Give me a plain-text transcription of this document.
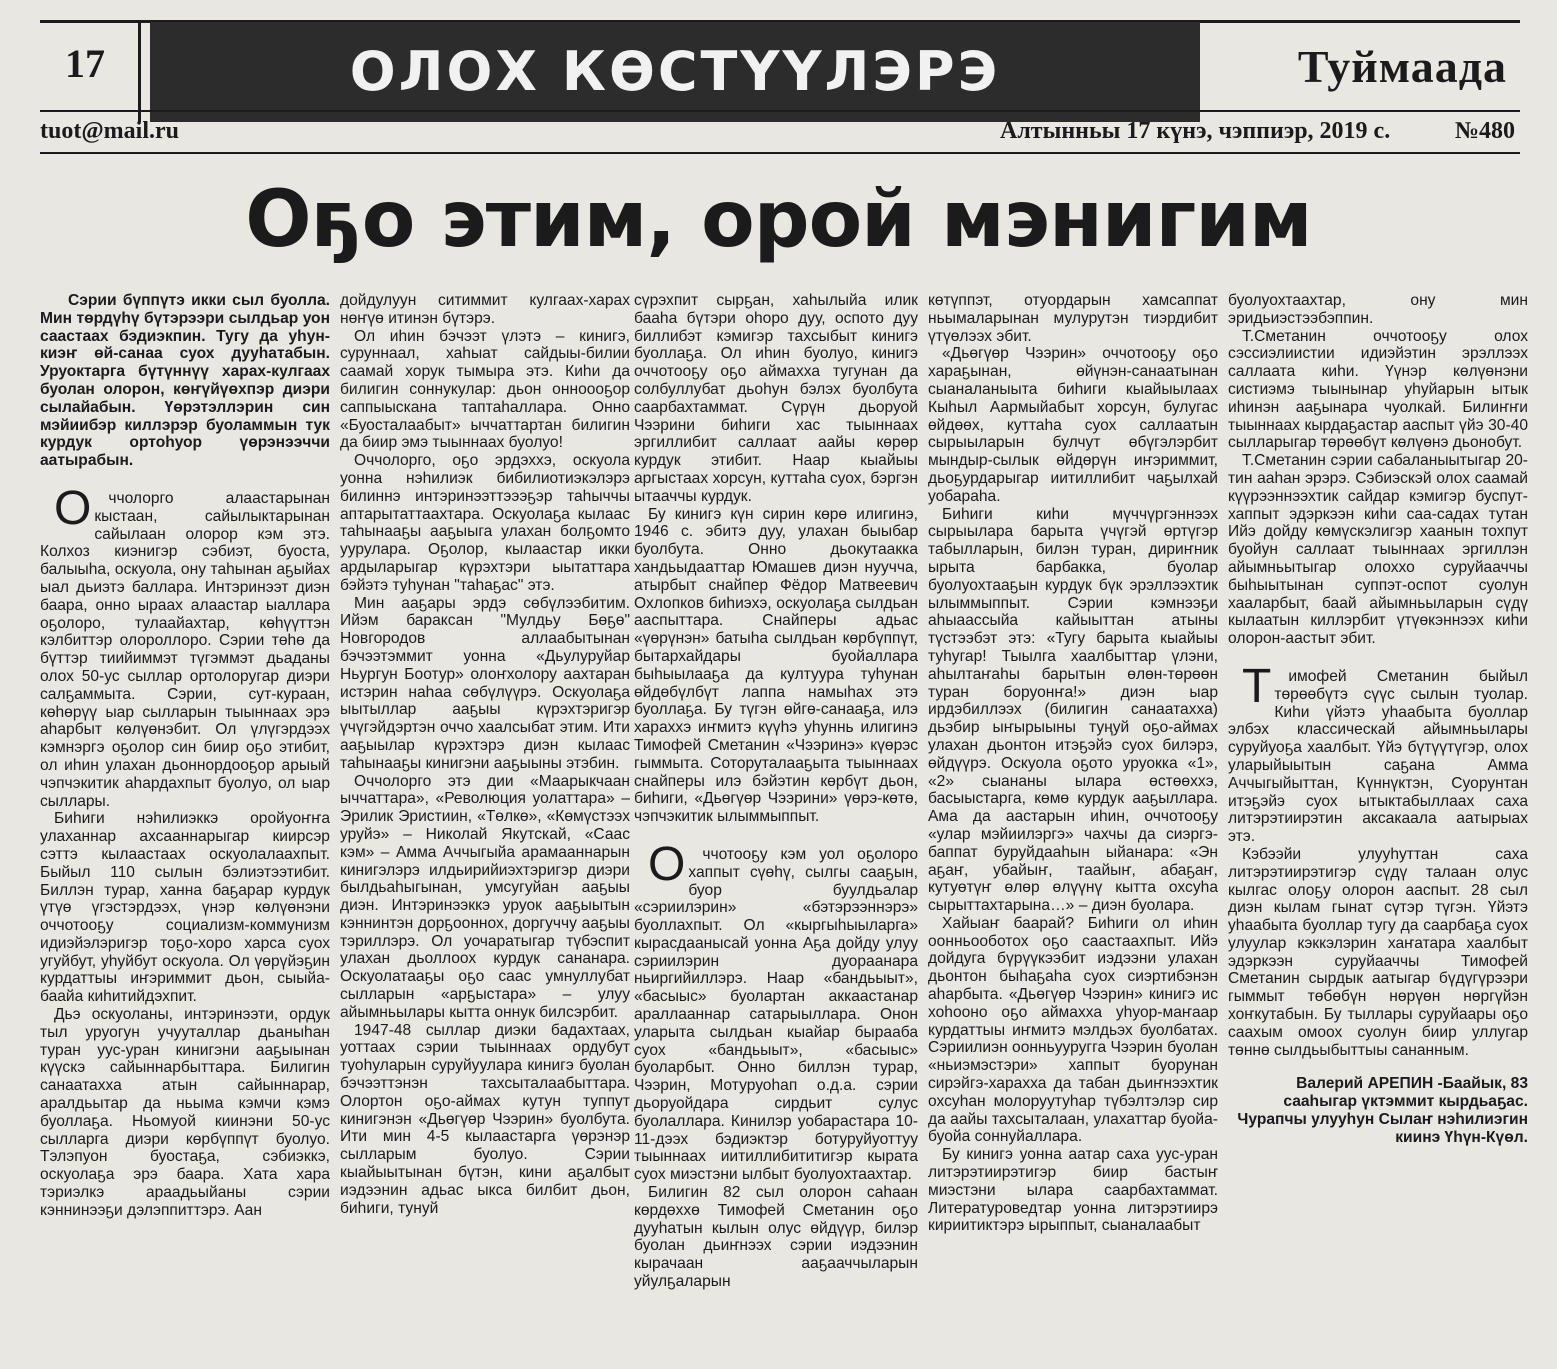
17	ОЛОХ КӨСТҮҮЛЭРЭ	Туймаада
tuot@mail.ru	Алтынньы 17 күнэ, чэппиэр, 2019 с.	№480
Оҕо этим, орой мэнигим

Сэрии бүппүтэ икки сыл буолла. Мин төрдүһү бүтэрээри сылдьар уон саастаах бэдиэкпин. Тугу да уһун-киэҥ өй-санаа суох дууһатабын. Уруоктарга бүтүннүү харах-кулгаах буолан олорон, көҥүйүөхпэр диэри сылайабын. Үөрэтэллэрин син мэйиибэр киллэрэр буоламмын тук курдук ортоһуор үөрэнээччи аатырабын.

Оччолорго алаастарынан кыстаан, сайылыктарынан сайылаан олорор кэм этэ. Колхоз киэнигэр сэбиэт, буоста, балыыһа, оскуола, ону таһынан аҕыйах ыал дьиэтэ баллара. Интэринээт диэн баара, онно ыраах алаастар ыаллара оҕолоро, тулаайахтар, көһүүттэн кэлбиттэр олороллоро. Сэрии төһө да бүттэр тиийиммэт түгэммэт дьаданы олох 50-ус сыллар ортолоругар диэри салҕаммыта. Сэрии, сут-кураан, көһөрүү ыар сылларын тыыннаах эрэ аһарбыт көлүөнэбит. Ол үлүгэрдээх кэмнэргэ оҕолор син биир оҕо этибит, ол иһин улахан дьоннордооҕор арыый чэпчэкитик аһардахпыт буолуо, ол ыар сыллары.

Биһиги нэһилиэккэ оройуоҥҥа улаханнар ахсааннарыгар киирсэр сэттэ кылаастаах оскуолалаахпыт. Быйыл 110 сылын бэлиэтээтибит. Биллэн турар, ханна баҕарар курдук үтүө үгэстэрдээх, үнэр көлүөнэни оччотооҕу социализм-коммунизм идиэйэлэригэр тоҕо-хоро харса суох угуйбут, уһуйбут оскуола. Ол үөрүйэҕин курдаттыы иҥэриммит дьон, сыыйа-баайа киһитийдэхпит.

Дьэ оскуоланы, интэринээти, ордук тыл уруогун учууталлар дьаныһан туран уус-уран кинигэни ааҕыынан күүскэ сайыннарбыттара. Билигин санаатахха атын сайыннарар, аралдьытар да ньыма кэмчи кэмэ буоллаҕа. Ньомуой киинэни 50-ус сылларга диэри көрбүппүт буолуо. Тэлэпуон буостаҕа, сэбиэккэ, оскуолаҕа эрэ баара. Хата хара тэриэлкэ араадьыйаны сэрии кэннинээҕи дэлэппиттэрэ. Аан

дойдулуун ситиммит кулгаах-харах нөҥүө итинэн бүтэрэ.

Ол иһин бэчээт үлэтэ – кинигэ, суруннаал, хаһыат сайдыы-билии саамай хорук тымыра этэ. Киһи да билигин соннукулар: дьон онноооҕор саппыыскана таптаһаллара. Онно «Буосталаабыт» ыччаттартан билигин да биир эмэ тыыннаах буолуо!

Оччолорго, оҕо эрдэххэ, оскуола уонна нэһилиэк бибилиотиэкэлэрэ билиннэ интэринээттэээҕэр таһыччы аптарытаттаахтара. Оскуолаҕа кылаас таһынааҕы ааҕыыга улахан болҕомто уурулара. Оҕолор, кылаастар икки ардыларыгар күрэхтэри ыытаттара бэйэтэ туһунан "таһаҕас" этэ.

Мин ааҕары эрдэ сөбүлээбитим. Ийэм бараксан "Мулдьу Бөҕө" Новгородов аллаабытынан бэчээтэммит уонна «Дьулуруйар Ньургун Боотур» олоҥхолору аахтаран истэрин наһаа сөбүлүүрэ. Оскуолаҕа ыытыллар ааҕыы күрэхтэригэр үчүгэйдэртэн оччо хаалсыбат этим. Ити ааҕыылар күрэхтэрэ диэн кылаас таһынааҕы кинигэни ааҕыыны этэбин.

Оччолорго этэ дии «Маарыкчаан ыччаттара», «Революция уолаттара» – Эрилик Эристиин, «Төлкө», «Көмүстээх уруйэ» – Николай Якутскай, «Саас кэм» – Амма Аччыгыйа арамааннарын кинигэлэрэ илдьирийиэхтэригэр диэри былдьаһыгынан, умсугуйан ааҕыы диэн. Интэринээккэ уруок ааҕыытын кэннинтэн дорҕооннох, доргуччу ааҕыы тэриллэрэ. Ол уочаратыгар түбэспит улахан дьоллоох курдук сананара. Оскуолатааҕы оҕо саас умнуллубат сылларын «арҕыстара» – улуу айымньылары кытта оннук билсэрбит.

1947-48 сыллар диэки бадахтаах, уоттаах сэрии тыыннаах ордубут туоһуларын суруйуулара кинигэ буолан бэчээттэнэн тахсыталаабыттара. Олортон оҕо-аймах кутун туппут кинигэнэн «Дьөгүөр Чээрин» буолбута. Ити мин 4-5 кылаастарга үөрэнэр сылларым буолуо. Сэрии кыайыытынан бүтэн, кини аҕалбыт иэдээнин адьас ыкса билбит дьон, биһиги, тунуй

сүрэхпит сырҕан, хаһылыйа илик бааһа бүтэри оһоро дуу, оспото дуу биллибэт кэмигэр тахсыбыт кинигэ буоллаҕа. Ол иһин буолуо, кинигэ оччотооҕу оҕо аймахха тугунан да солбуллубат дьоһун бэлэх буолбута саарбахтаммат. Сүрүн дьоруой Чээрини биһиги хас тыыннаах эргиллибит саллаат аайы көрөр курдук этибит. Наар кыайыы аргыстаах хорсун, куттаһа суох, бэргэн ытааччы курдук.

Бу кинигэ күн сирин көрө илигинэ, 1946 с. эбитэ дуу, улахан быыбар буолбута. Онно дьокутаакка хандьыдааттар Юмашев диэн нуучча, атырбыт снайпер Фёдор Матвеевич Охлопков биһиэхэ, оскуолаҕа сылдьан ааспыттара. Снайперы адьас «үөрүнэн» батыһа сылдьан көрбүппүт, бытархайдары буойаллара быһыылааҕа да култуура туһунан өйдөбүлбүт лаппа намыһах этэ буоллаҕа. Бу түгэн өйгө-санааҕа, илэ хараххэ иҥмитэ күүһэ уһуннь илигинэ Тимофей Сметанин «Чээринэ» күөрэс гыммыта. Соторуталааҕыта тыыннаах снайперы илэ бэйэтин көрбүт дьон, биһиги, «Дьөгүөр Чээрини» үөрэ-көтө, чэпчэкитик ылыммыппыт.

Оччотооҕу кэм уол оҕолоро хаппыт сүөһү, сылгы сааҕын, буор буулдьалар «сэриилэрин» «бэтэрээннэрэ» буоллахпыт. Ол «кыргыһыыларга» кырасдаанысай уонна Аҕа дойду улуу сэриилэрин дуораанара ньиргийиллэрэ. Наар «бандьыыт», «басыыс» буолартан аккаастанар араллааннар сатарыыллара. Онон уларыта сылдьан кыайар бырааба суох «бандьыыт», «басыыс» буоларбыт. Онно биллэн турар, Чээрин, Мотуруоһап о.д.а. сэрии дьоруойдара сирдьит сулус буолаллара. Кинилэр уобарастара 10-11-дээх бэдиэктэр ботуруйуоттуу тыыннаах иитиллибититигэр кырата суох миэстэни ылбыт буолуохтаахтар.

Билигин 82 сыл олорон саһаан көрдөххө Тимофей Сметанин оҕо дууһатын кылын олус өйдүүр, билэр буолан дьиҥнээх сэрии иэдээнин кырачаан ааҕааччыларын уйулҕаларын

көтүппэт, отуордарын хамсаппат ньымаларынан мулурутэн тиэрдибит үтүөлээх эбит.

«Дьөгүөр Чээрин» оччотооҕу оҕо хараҕынан, өйүнэн-санаатынан сыаналаныыта биһиги кыайыылаах Кыһыл Аармыйабыт хорсун, булугас өйдөөх, куттаһа суох саллаатын сырыыларын булчут өбүгэлэрбит мындыр-сылык өйдөрүн иҥэриммит, дьоҕурдарыгар иитиллибит чаҕылхай уобараһа.

Биһиги киһи мүччүргэннээх сырыылара барыта үчүгэй өртүгэр табылларын, билэн туран, дириҥник ырыта барбакка, буолар буолуохтааҕын курдук бүк эрэллээхтик ылыммыппыт. Сэрии кэмнээҕи аһыаассыйа кайыыттан атыны түстээбэт этэ: «Тугу барыта кыайыы туһугар! Тыылга хаалбыттар үлэни, аһылтаҥаһы барытын өлөн-төрөөн туран боруонҥа!» диэн ыар ирдэбиллээх (билигин санаатахха) дьэбир ыҥырыыны туңуй оҕо-аймах улахан дьонтон итэҕэйэ суох билэрэ, өйдүүрэ. Оскуола оҕото уруокка «1», «2» сыананы ылара өстөөххэ, басыыстарга, көмө курдук ааҕыллара. Ама да аастарын иһин, оччотооҕу «улар мэйиилэргэ» чахчы да сиэргэ-баппат буруйдааһын ыйанара: «Эн аҕаҥ, убайыҥ, таайыҥ, абаҕаҥ, кутуөтүҥ өлөр өлүүнү кытта охсуһа сырыттахтарына…» – диэн буолара.

Хайыаҥ баарай? Биһиги ол иһин оонньооботох оҕо саастаахпыт. Ийэ дойдуга бүрүүкээбит иэдээни улахан дьонтон быһаҕаһа суох сиэртибэнэн аһарбыта. «Дьөгүөр Чээрин» кинигэ ис хоһооно оҕо аймахха уһуор-маҥаар курдаттыы иҥмитэ мэлдьэх буолбатах. Сэриилиэн оонньууругга Чээрин буолан «ньиэмэстэри» хаппыт буорунан сирэйгэ-харахха да табан дьиҥнээхтик охсуһан молоруутуһар түбэлтэлэр сир да аайы тахсыталаан, улахаттар буойа-буойа соннуйаллара.

Бу кинигэ уонна аатар саха уус-уран литэрэтиирэтигэр биир бастыҥ миэстэни ылара саарбахтаммат. Литературоведтар уонна литэрэтиирэ кириитиктэрэ ырыппыт, сыаналаабыт

буолуохтаахтар, ону мин эридьиэстээбэппин.

Т.Сметанин оччотооҕу олох сэссиэлиистии идиэйэтин эрэллээх саллаата киһи. Үүнэр көлүөнэни систиэмэ тыынынар уһуйарын ытык иһинэн ааҕынара чуолкай. Билиҥҥи тыыннаах кырдаҕастар ааспыт үйэ 30-40 сылларыгар төрөөбүт көлүөнэ дьонобут.

Т.Сметанин сэрии сабаланыытыгар 20-тин ааһан эрэрэ. Сэбиэскэй олох саамай күүрээннээхтик сайдар кэмигэр буспут-хаппыт эдэркээн киһи саа-садах тутан Ийэ дойду көмүскэлигэр хаанын тохпут буойун саллаат тыыннаах эргиллэн айымньытыгар олоххо суруйааччы быһыытынан суппэт-оспот суолун хааларбыт, баай айымньыларын сүдү кылаатын киллэрбит үтүөкэннээх киһи олорон-аастыт эбит.

Тимофей Сметанин быйыл төрөөбүтэ сүүс сылын туолар. Киһи үйэтэ уһаабыта буоллар элбэх классическай айымньылары суруйуоҕа хаалбыт. Үйэ бүтүүтүгэр, олох уларыйыытын саҕана Амма Аччыгыйыттан, Күннүктэн, Суорунтан итэҕэйэ суох ытыктабыллаах саха литэрэтиирэтин аксакаала аатырыах этэ.

Кэбээйи улууһуттан саха литэрэтиирэтигэр сүдү талаан олус кылгас олоҕу олорон ааспыт. 28 сыл диэн кылам гынат сүтэр түгэн. Үйэтэ уһаабыта буоллар тугу да саарбаҕа суох улуулар кэккэлэрин хаҥатара хаалбыт эдэркээн суруйааччы Тимофей Сметанин сырдык аатыгар бүдүгүрээри гыммыт төбөбүн нөрүөн нөргүйэн хоҥкутабын. Бу тыллары суруйаары оҕо саахым омоох суолун биир уллугар төннө сылдьыбыттыы сананным.

Валерий АРЕПИН -Баайык, 83 сааһыгар үктэммит кырдьаҕас. Чурапчы улууһун Сылаҥ нэһилиэгин киинэ Үһүн-Күөл.
